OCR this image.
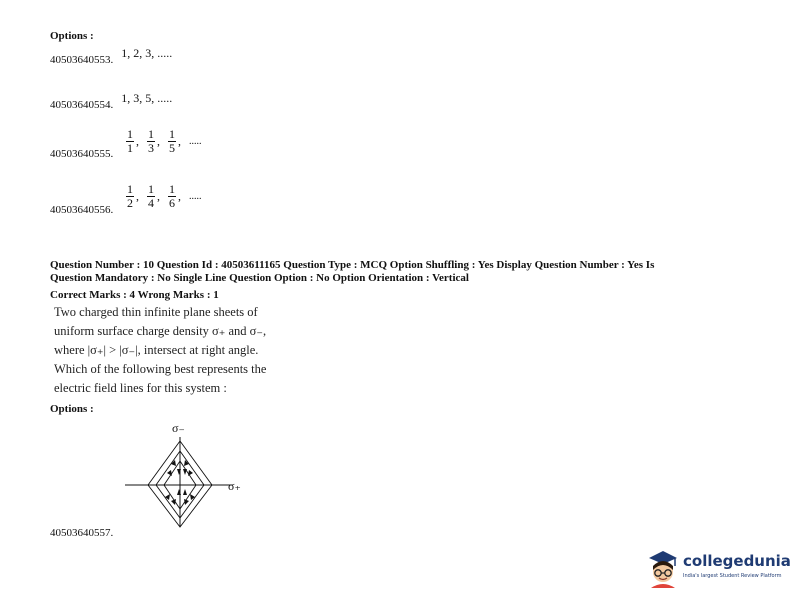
Options :
40503640553. $^{1, 2, 3, .....}$
40503640554. $^{1, 3, 5, .....}$
40503640555. $\frac{1}{1}$ , $\frac{1}{3}$ , $\frac{1}{5}$ , .....
40503640556. $\frac{1}{2}$ , $\frac{1}{4}$ , $\frac{1}{6}$ , .....
Question Number : 10 Question Id : 40503611165 Question Type : MCQ Option Shuffling : Yes Display Question Number : Yes Is
Question Mandatory : No Single Line Question Option : No Option Orientation : Vertical
Correct Marks : 4 Wrong Marks : 1
Two charged thin infinite plane sheets of
uniform surface charge density σ₊ and σ₋,
where |σ₊| > |σ₋|, intersect at right angle.
Which of the following best represents the
electric field lines for this system :
Options :
σ₋
σ₊
40503640557.
collegedunia
India's largest Student Review Platform
